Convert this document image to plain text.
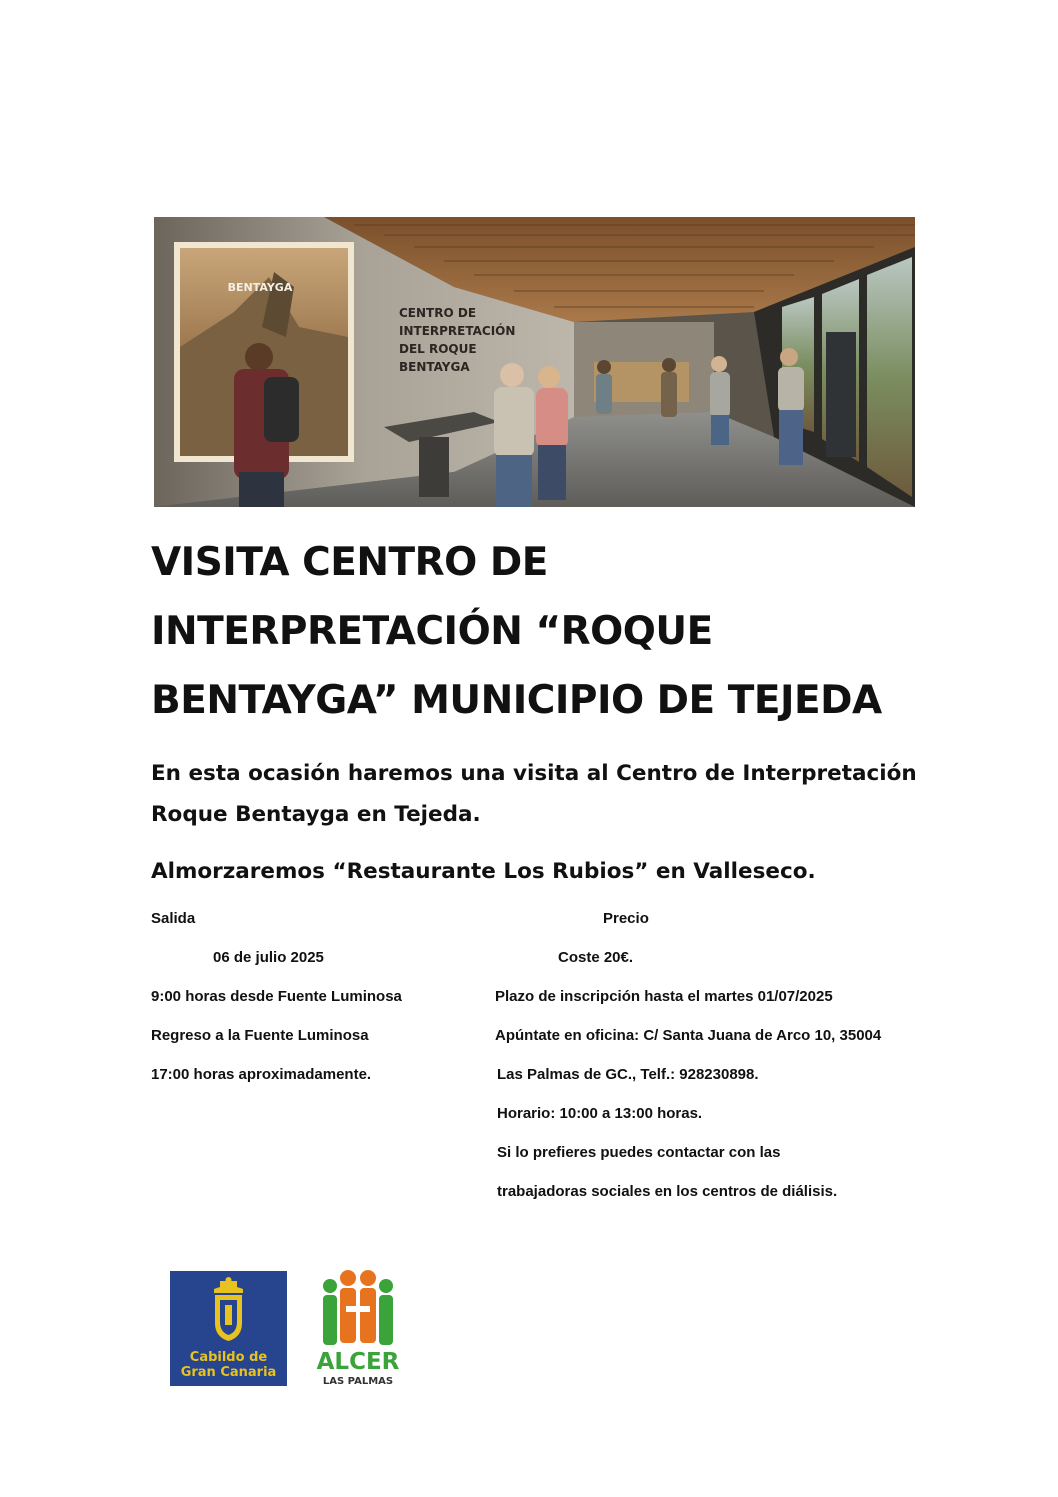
BENTAYGA
CENTRO DE
INTERPRETACIÓN
DEL ROQUE
BENTAYGA
VISITA CENTRO DE
INTERPRETACIÓN “ROQUE
BENTAYGA” MUNICIPIO DE TEJEDA

En esta ocasión haremos una visita al Centro de Interpretación
Roque Bentayga en Tejeda.

Almorzaremos “Restaurante Los Rubios” en Valleseco.

Salida

06 de julio 2025

9:00 horas desde Fuente Luminosa

Regreso a la Fuente Luminosa

17:00 horas aproximadamente.

Precio

Coste 20€.

Plazo de inscripción hasta el martes 01/07/2025

Apúntate en oficina: C/ Santa Juana de Arco 10, 35004

Las Palmas de GC., Telf.: 928230898.

Horario: 10:00 a 13:00 horas.

Si lo prefieres puedes contactar con las

trabajadoras sociales en los centros de diálisis.

Cabildo de
Gran Canaria ALCER
LAS PALMAS
